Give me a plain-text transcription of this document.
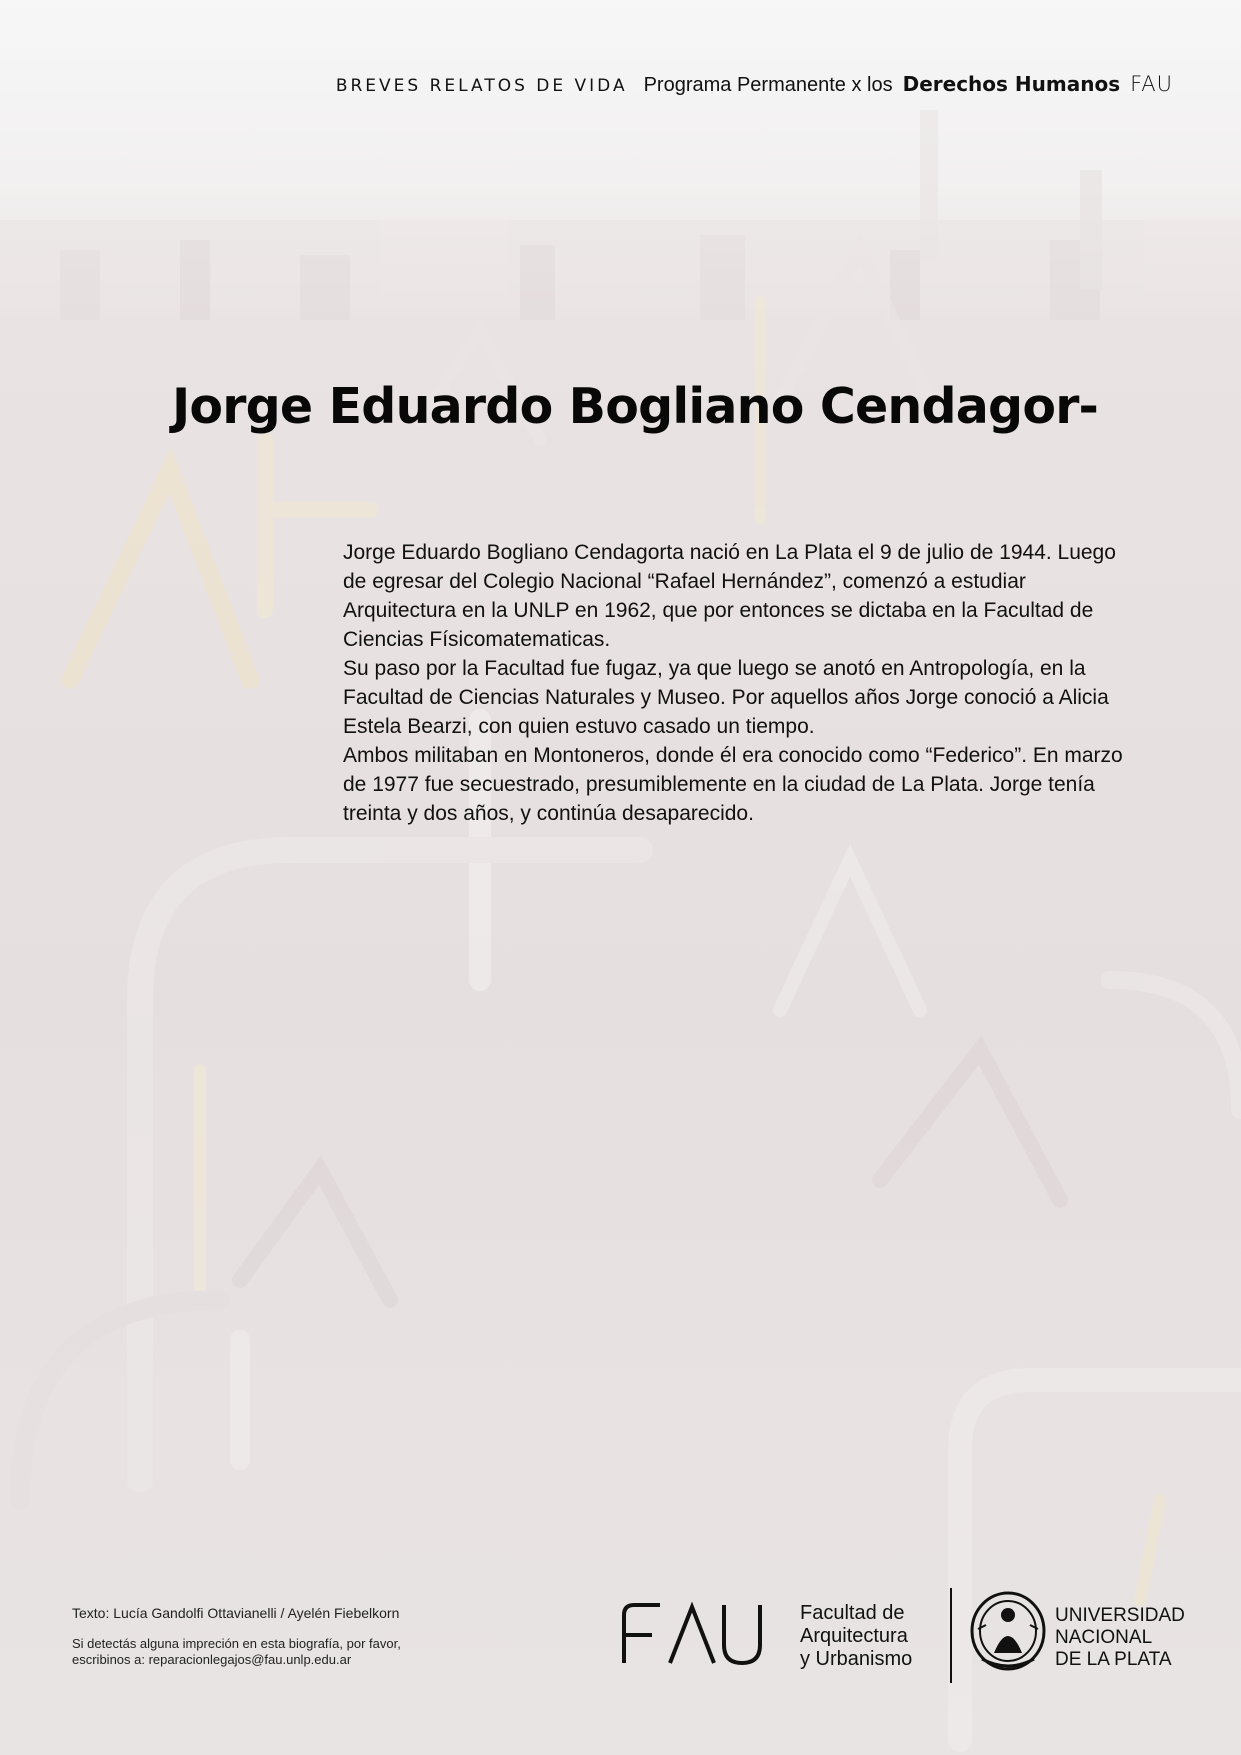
BREVES RELATOS DE VIDA Programa Permanente x los Derechos Humanos FAU
Jorge Eduardo Bogliano Cendagor-

Jorge Eduardo Bogliano Cendagorta nació en La Plata el 9 de julio de 1944. Luego de egresar del Colegio Nacional “Rafael Hernández”, comenzó a estudiar Arquitectura en la UNLP en 1962, que por entonces se dictaba en la Facultad de Ciencias Físicomatematicas.

Su paso por la Facultad fue fugaz, ya que luego se anotó en Antropología, en la Facultad de Ciencias Naturales y Museo. Por aquellos años Jorge conoció a Alicia Estela Bearzi, con quien estuvo casado un tiempo.

Ambos militaban en Montoneros, donde él era conocido como “Federico”. En marzo de 1977 fue secuestrado, presumiblemente en la ciudad de La Plata. Jorge tenía treinta y dos años, y continúa desaparecido.

Texto: Lucía Gandolfi Ottavianelli / Ayelén Fiebelkorn
Si detectás alguna impreción en esta biografía, por favor,
escribinos a: reparacionlegajos@fau.unlp.edu.ar
Facultad de
Arquitectura
y Urbanismo
UNIVERSIDAD
NACIONAL
DE LA PLATA
